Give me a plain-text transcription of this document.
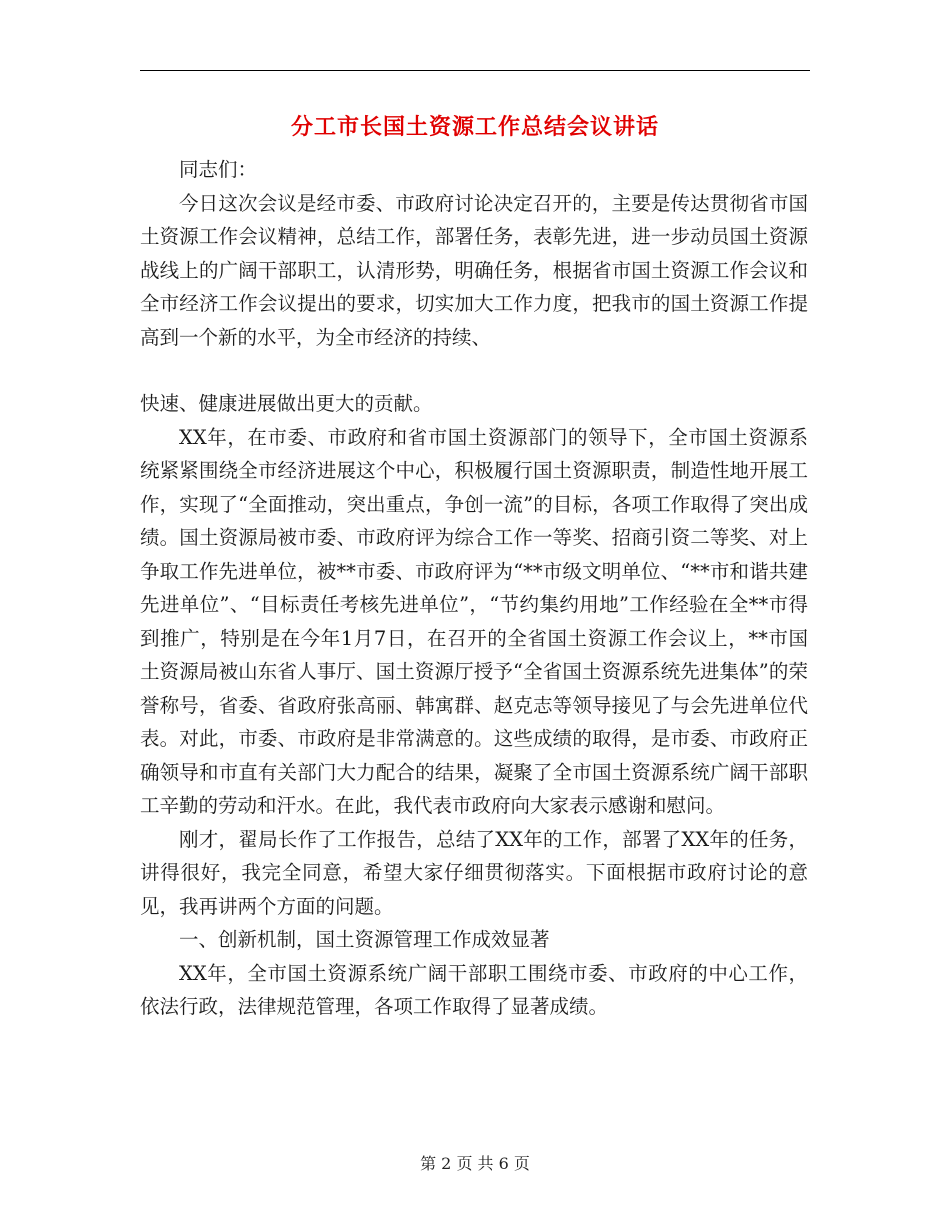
分工市长国土资源工作总结会议讲话

同志们：

今日这次会议是经市委、市政府讨论决定召开的，主要是传达贯彻省市国土资源工作会议精神，总结工作，部署任务，表彰先进，进一步动员国土资源战线上的广阔干部职工，认清形势，明确任务，根据省市国土资源工作会议和全市经济工作会议提出的要求，切实加大工作力度，把我市的国土资源工作提高到一个新的水平，为全市经济的持续、

快速、健康进展做出更大的贡献。

XX年，在市委、市政府和省市国土资源部门的领导下，全市国土资源系统紧紧围绕全市经济进展这个中心，积极履行国土资源职责，制造性地开展工作，实现了“全面推动，突出重点，争创一流”的目标，各项工作取得了突出成绩。国土资源局被市委、市政府评为综合工作一等奖、招商引资二等奖、对上争取工作先进单位，被**市委、市政府评为“**市级文明单位、“**市和谐共建先进单位”、“目标责任考核先进单位”，“节约集约用地”工作经验在全**市得到推广，特别是在今年1月7日，在召开的全省国土资源工作会议上，**市国土资源局被山东省人事厅、国土资源厅授予“全省国土资源系统先进集体”的荣誉称号，省委、省政府张高丽、韩寓群、赵克志等领导接见了与会先进单位代表。对此，市委、市政府是非常满意的。这些成绩的取得，是市委、市政府正确领导和市直有关部门大力配合的结果，凝聚了全市国土资源系统广阔干部职工辛勤的劳动和汗水。在此，我代表市政府向大家表示感谢和慰问。

刚才，翟局长作了工作报告，总结了XX年的工作，部署了XX年的任务，讲得很好，我完全同意，希望大家仔细贯彻落实。下面根据市政府讨论的意见，我再讲两个方面的问题。

一、创新机制，国土资源管理工作成效显著

XX年，全市国土资源系统广阔干部职工围绕市委、市政府的中心工作，依法行政，法律规范管理，各项工作取得了显著成绩。

第 2 页 共 6 页
